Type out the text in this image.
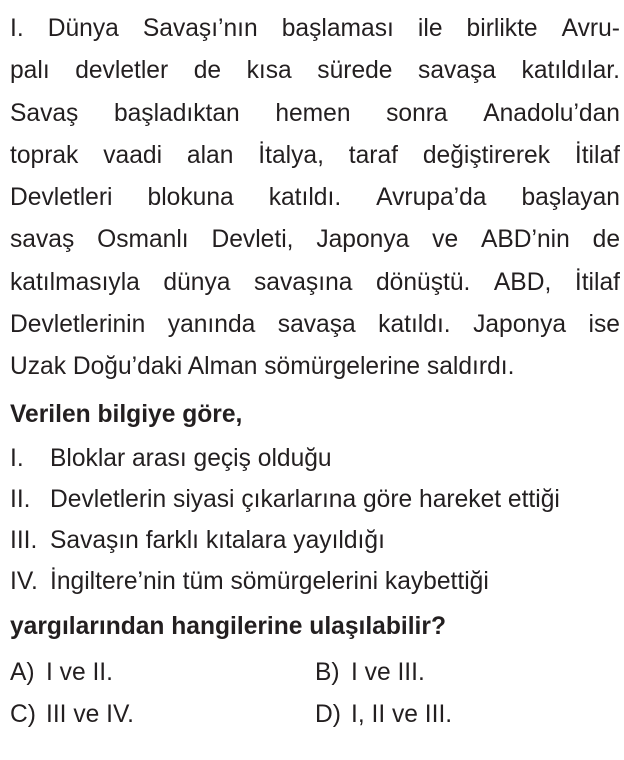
I. Dünya Savaşı’nın başlaması ile birlikte Avru-
palı devletler de kısa sürede savaşa katıldılar.
Savaş başladıktan hemen sonra Anadolu’dan
toprak vaadi alan İtalya, taraf değiştirerek İtilaf
Devletleri blokuna katıldı. Avrupa’da başlayan
savaş Osmanlı Devleti, Japonya ve ABD’nin de
katılmasıyla dünya savaşına dönüştü. ABD, İtilaf
Devletlerinin yanında savaşa katıldı. Japonya ise
Uzak Doğu’daki Alman sömürgelerine saldırdı.
Verilen bilgiye göre,
I.	Bloklar arası geçiş olduğu
II. Devletlerin siyasi çıkarlarına göre hareket ettiği
III. Savaşın farklı kıtalara yayıldığı
IV. İngiltere’nin tüm sömürgelerini kaybettiği
yargılarından hangilerine ulaşılabilir?
A) I ve II.	B) I ve III.
C) III ve IV.	D) I, II ve III.
